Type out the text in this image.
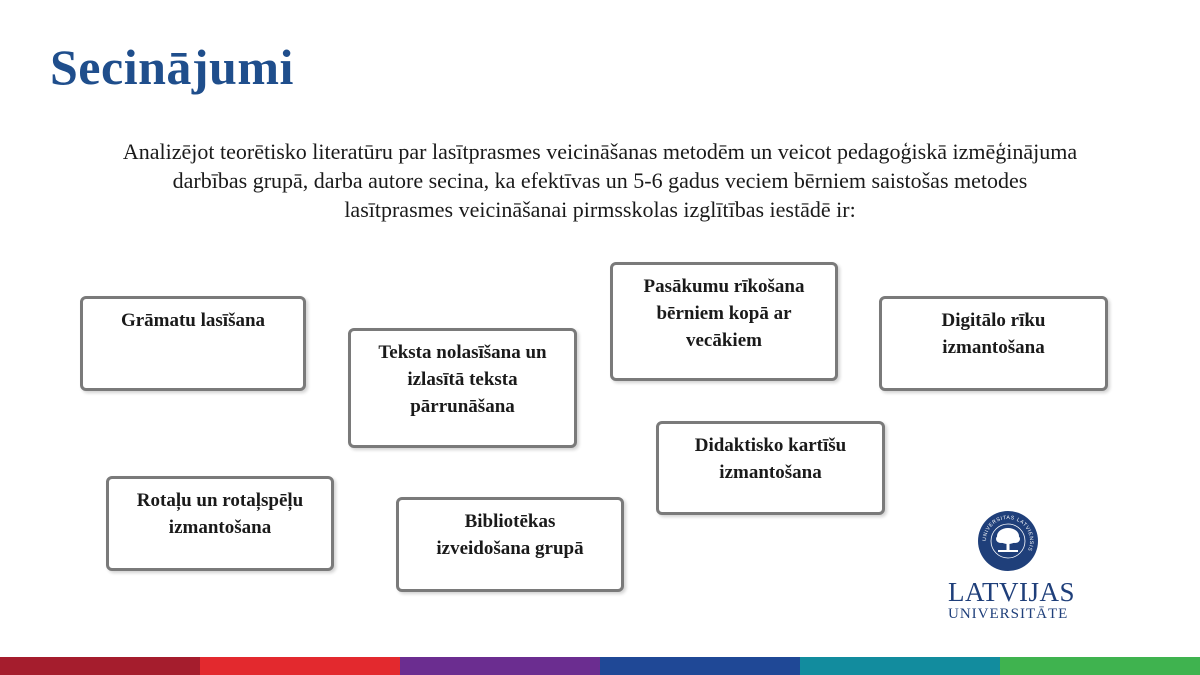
Secinājumi
Analizējot teorētisko literatūru par lasītprasmes veicināšanas metodēm un veicot pedagoģiskā izmēģinājuma
darbības grupā, darba autore secina, ka efektīvas un 5-6 gadus veciem bērniem saistošas metodes
lasītprasmes veicināšanai pirmsskolas izglītības iestādē ir:
Grāmatu lasīšana
Teksta nolasīšana un
izlasītā teksta
pārrunāšana
Pasākumu rīkošana
bērniem kopā ar
vecākiem
Digitālo rīku
izmantošana
Didaktisko kartīšu
izmantošana
Rotaļu un rotaļspēļu
izmantošana	Bibliotēkas
izveidošana grupā	UNIVERSITAS LATVIENSIS
LATVIJAS
UNIVERSITĀTE
